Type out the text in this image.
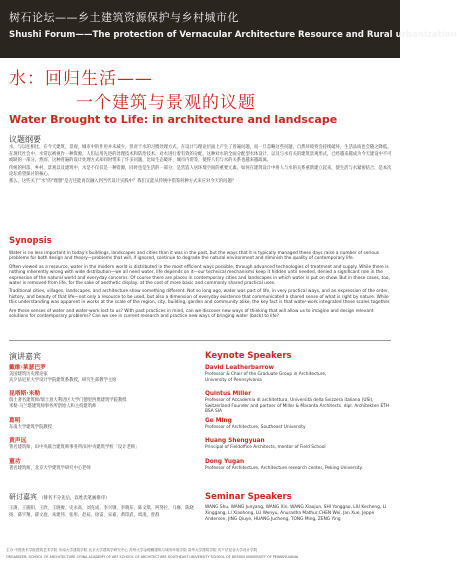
树石论坛——乡土建筑资源保护与乡村城市化
Shushi Forum——The protection of Vernacular Architecture Resource and Rural urbanization
水：回归生活——
一个建筑与景观的议题
Water Brought to Life: in architecture and landscape
议题纲要

水，与以往相比，在今天建筑、景观、城市中的作用并未减少，但对于水的习惯处理方式，在设计与理论层面上产生了普遍问题，而一旦忽略这些问题，自然环境将会持续破坏，生活品质也会随之降低。

在现代社会中，水常以被视作一种资源，人们运用先进的处理技术和防治技术，对水进行着有效的分配，这种对水的全面分配型水体设计，以及与水有关的建筑景观形式，已经越来越成为今天建设中不可或缺的一部分。然而，这种普遍的设计处理方式却同时带来了许多问题，比如生态破坏、城市内涝等，使得人们与水的关系也越来越疏离。

传统的村落、乡村、景观以及建筑中，水是不仅仅是一种资源，同时也是生活的一部分，是营造人居环境空间的重要元素。如何在建筑设计中将人与水的关系重新建立起来，使生活与水紧密结合，是本次论坛希望探讨的核心。

那么，这些关于"水"的"理想"是否还能再次融入到当代设计实践中？我们又能从传统中借鉴何种方式来应对今天的问题？

Synopsis

Water is no less important in today's buildings, landscapes and cities than it was in the past, but the ways that it is typically managed these days raise a number of serious problems for both design and theory—problems that will, if ignored, continue to degrade the natural environment and diminish the quality of contemporary life.

Often viewed as a resource, water in the modern world is distributed in the most efficient ways possible, through advanced technologies of treatment and supply. While there is nothing inherently wrong with wide distribution—we all need water, life depends on it—our technical mechanisms keep it hidden until needed, denied a significant role in the expression of the natural world and everyday concerns. Of course there are places in contemporary cities and landscapes in which water is put on show. But in these cases, too, water is removed from life, for the sake of aesthetic display, at the cost of more basic and commonly shared practical uses.

Traditional cities, villages, landscapes, and architecture show something different. Not so long ago, water was part of life, in very practical ways, and an expression of the order, history, and beauty of that life—not only a resource to be used, but also a dimension of everyday existence that communicated a shared sense of what is right by nature. While this understanding was apparent in works at the scale of the region, city, building, garden and community alike, the key fact is that water-work integrated these scales together.

Are these senses of water and water-work lost to us? With past practices in mind, can we discover new ways of thinking that will allow us to imagine and design relevant solutions for contemporary problems? Can we see in current research and practice new ways of bringing water (back) to life?

演讲嘉宾	Keynote Speakers
戴维·莱瑟巴罗
美国建筑历史理论家
宾夕法尼亚大学设计学院建筑系教授，研究生部教学主席
昆塔斯·米勒
瑞士著名建筑师/瑞士意大利语区大学门德里西奥建筑学院教授
米勒·马兰塔建筑师事务所创始人和主持建筑师
葛明
东南大学建筑学院教授
黄声远
著名建筑师，田中央联合建筑师事务所/田中央建筑学校「设计老师」
董功
著名建筑师，北京大学建筑学研究中心老师
David Leatherbarrow
Professor & Chair of the Graduate Group in Architecture,
University of Pennsylvania
Quintus Miller
Professor of Accademia di architettura, Università della Svizzera italiana (USI), Switzerland Founder and partner of Miller & Maranta Architects. dipl. Architekten ETH BSA SIA
Ge Ming
Professor of Architecture, Southeast University
Huang Shengyuan
Principal of Fieldoffice Architects, mentor of Field School
Dong Yugan
Professor of Architecture, Architecture research center, Peking University.
研讨嘉宾 （排名不分先后，以姓氏笔画排序）	Seminar Speakers
王澍、王骏阳、王欣、王晓俊、史永高、刘克成、李兴钢、李晓东、陈文琪、阿努拉、马修、陈晓扬、葛宇翔、薛文庭、朱建伟、张彤、赵辰、徐雷、宋嘉、黄印武、周凌、曾群
WANG Shu, WANG Junyang, WANG Xin, WANG Xiaojun, SHI Yonggao, LIU Kecheng, LI Xinggang, LI Xiaohong, LU Wenyu, Anuradha Mathur,CHEN Wei, Jan Xue, Jeppe Andersen, JING Qiuye, HUANG Jucheng, TONG Ming, ZENG Ying
主办 中国美术学院建筑艺术学院 东南大学建筑学院 北京大学建筑学研究中心 苏州大学金螳螂建筑与城市环境学院 清华大学建筑学院 宾夕法尼亚大学设计学院
ORGANIZER: SCHOOL OF ARCHITECTURE CHINA ACADEMY OF ART SCHOOL OF ARCHITECTURE SOUTHEAST UNIVERSITY SCHOOL OF DESIGN UNIVERSITY OF PENNSYLVANIA
